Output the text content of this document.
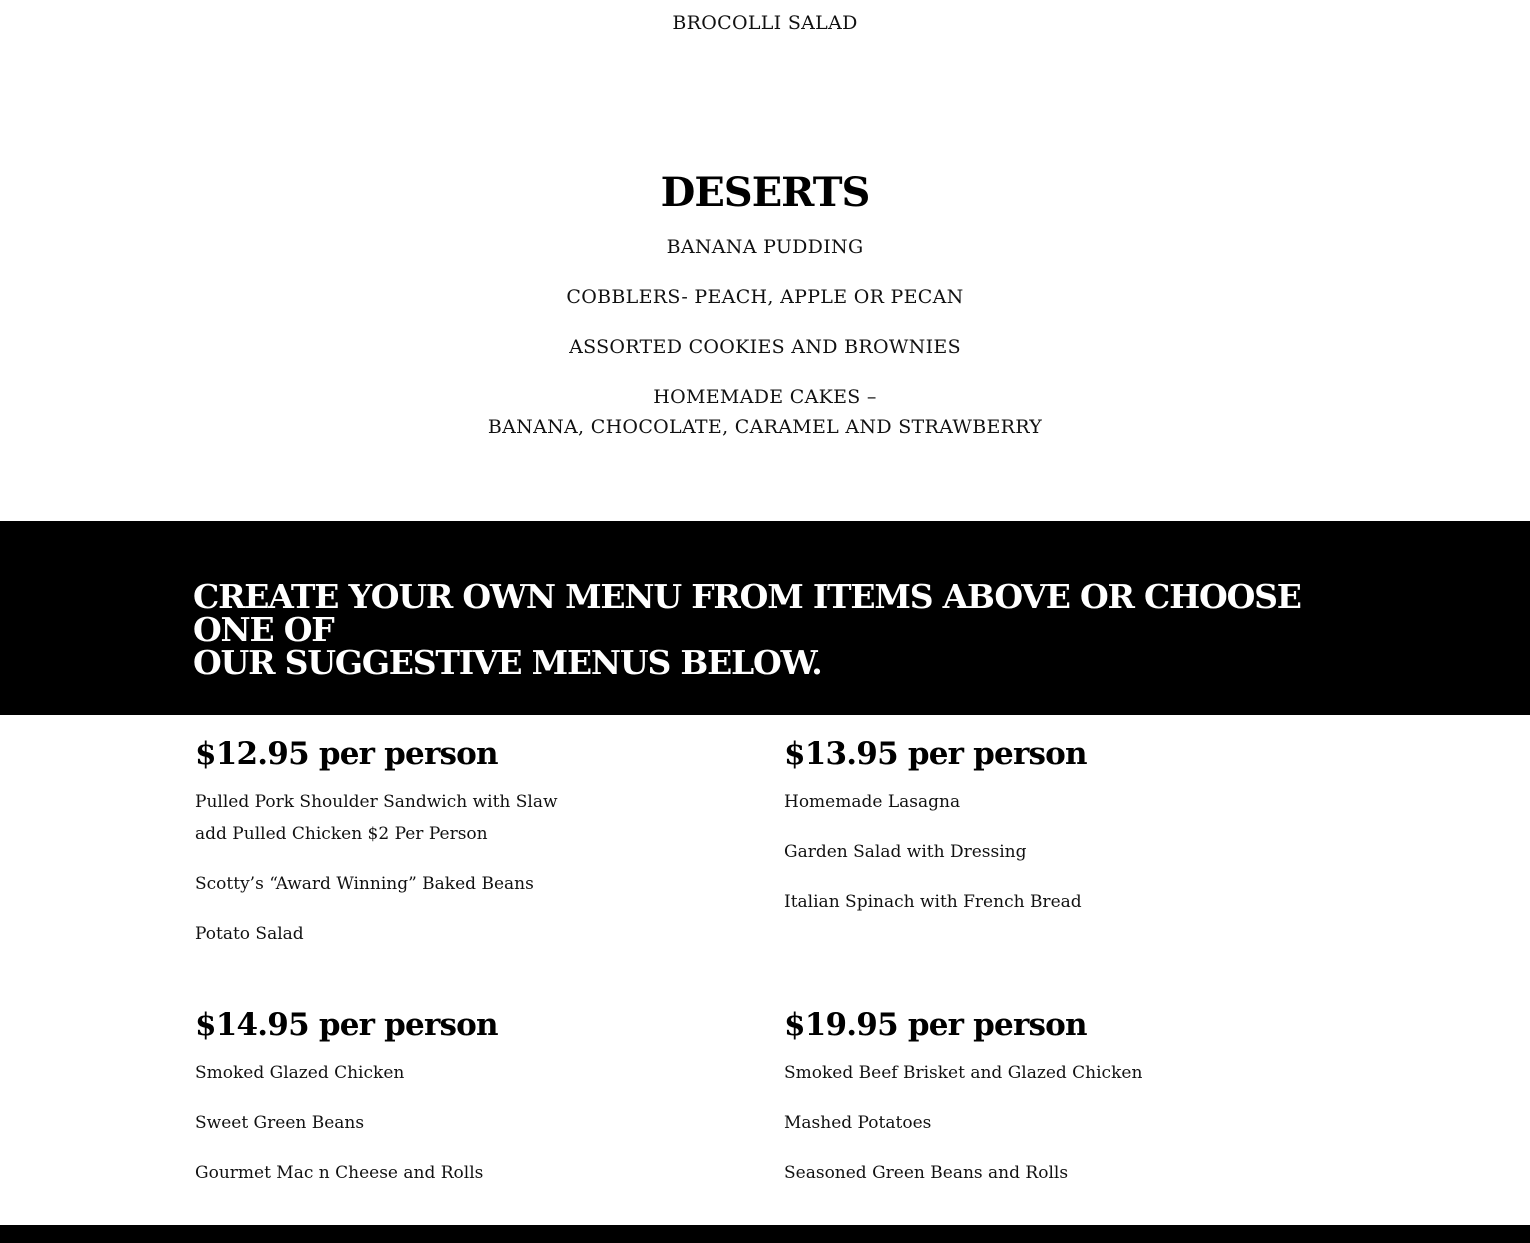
BROCOLLI SALAD
DESERTS

BANANA PUDDING

COBBLERS- PEACH, APPLE OR PECAN

ASSORTED COOKIES AND BROWNIES

HOMEMADE CAKES –
BANANA, CHOCOLATE, CARAMEL AND STRAWBERRY

CREATE YOUR OWN MENU FROM ITEMS ABOVE OR CHOOSE ONE OF
OUR SUGGESTIVE MENUS BELOW.
$12.95 per person

Pulled Pork Shoulder Sandwich with Slaw
add Pulled Chicken $2 Per Person

Scotty’s “Award Winning” Baked Beans

Potato Salad

$13.95 per person

Homemade Lasagna

Garden Salad with Dressing

Italian Spinach with French Bread

$14.95 per person

Smoked Glazed Chicken

Sweet Green Beans

Gourmet Mac n Cheese and Rolls

$19.95 per person

Smoked Beef Brisket and Glazed Chicken

Mashed Potatoes

Seasoned Green Beans and Rolls
